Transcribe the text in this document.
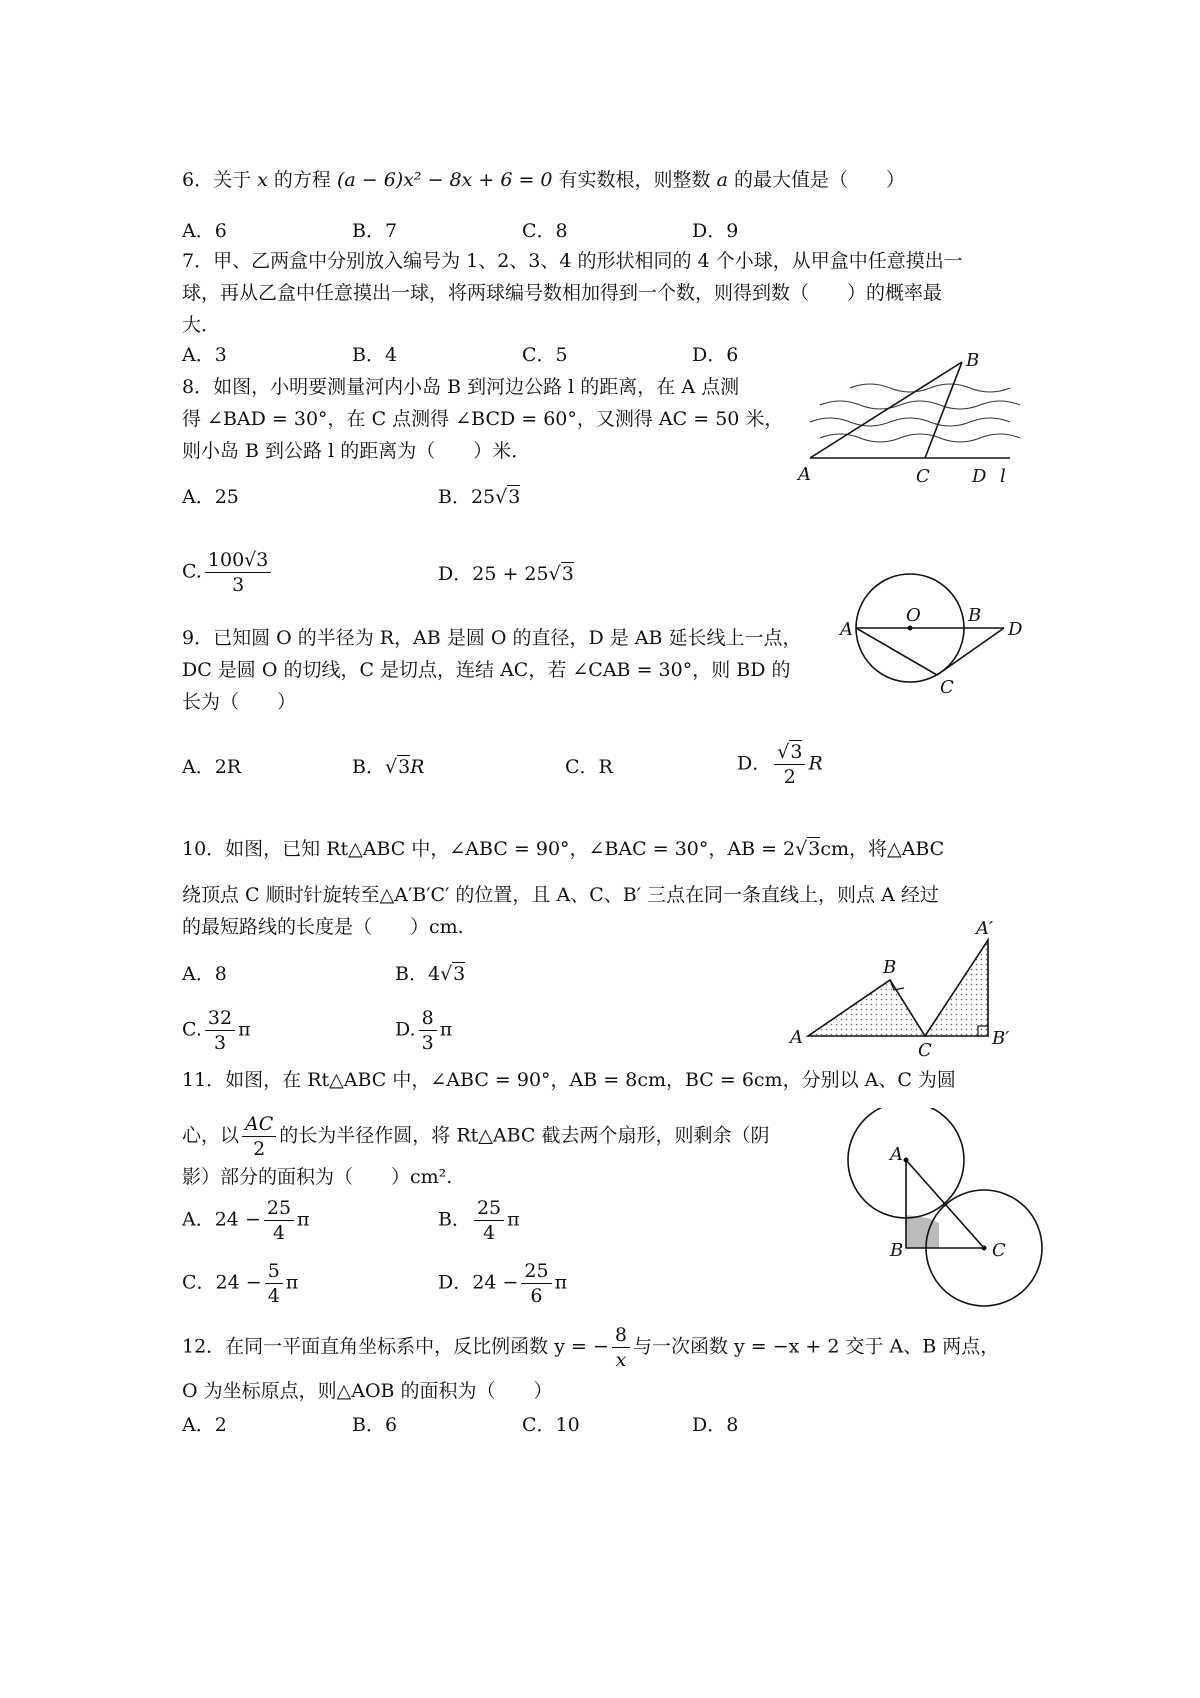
6．关于 x 的方程 (a − 6)x² − 8x + 6 = 0 有实数根，则整数 a 的最大值是（　　）
A．6	B．7	C．8	D．9
7．甲、乙两盒中分别放入编号为 1、2、3、4 的形状相同的 4 个小球，从甲盒中任意摸出一
球，再从乙盒中任意摸出一球，将两球编号数相加得到一个数，则得到数（　　）的概率最
大．
A．3	B．4	C．5	D．6
8．如图，小明要测量河内小岛 B 到河边公路 l 的距离，在 A 点测
得 ∠BAD = 30°，在 C 点测得 ∠BCD = 60°，又测得 AC = 50 米，
则小岛 B 到公路 l 的距离为（　　）米．
A．25	B．25√3
C. $\frac{100√3}{3}$	D．25 + 25√3
A
B
C D l
9．已知圆 O 的半径为 R，AB 是圆 O 的直径，D 是 AB 延长线上一点，
DC 是圆 O 的切线，C 是切点，连结 AC，若 ∠CAB = 30°，则 BD 的
长为（　　）
A．2R	B．√3R	C．R	D． $\frac{√3}{2}$ R
A
O	B
D
C
10．如图，已知 Rt△ABC 中，∠ABC = 90°，∠BAC = 30°，AB = 2√3cm，将△ABC
绕顶点 C 顺时针旋转至△A′B′C′ 的位置，且 A、C、B′ 三点在同一条直线上，则点 A 经过
的最短路线的长度是（　　）cm.
A．8	B．4√3
C. $\frac{32}{3}$ π	D. $\frac{8}{3}$ π	A
B
C
A′
B′
11．如图，在 Rt△ABC 中，∠ABC = 90°，AB = 8cm，BC = 6cm，分别以 A、C 为圆
心，以 $\frac{AC}{2}$ 的长为半径作圆，将 Rt△ABC 截去两个扇形，则剩余（阴
影）部分的面积为（　　）cm².
A．$24 - \frac{25}{4}$ π	B． $\frac{25}{4}$ π
C．$24 - \frac{5}{4}$ π	D．$24 - \frac{25}{6}$ π
A
B	C
12．在同一平面直角坐标系中，反比例函数 y = − $\frac{8}{x}$ 与一次函数 y = −x + 2 交于 A、B 两点，
O 为坐标原点，则△AOB 的面积为（　　）
A．2	B．6	C．10	D．8
